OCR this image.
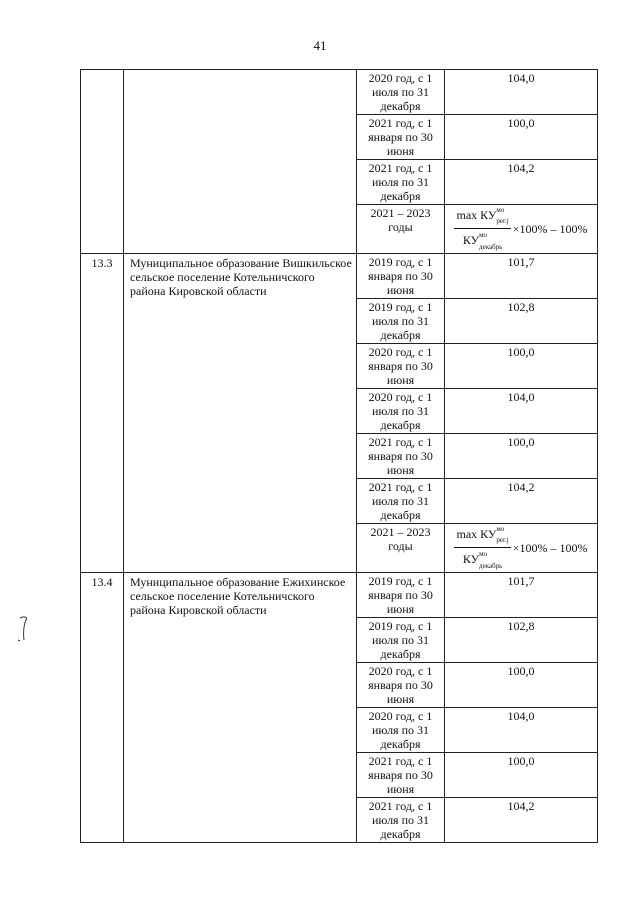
41

		2020 год, с 1 июля по 31 декабря	104,0

		2021 год, с 1 января по 30 июня	100,0

		2021 год, с 1 июля по 31 декабря	104,2

		2021 – 2023 годы	$\frac{\max КУ^{мо}_{рег.j}}{КУ^{мо}_{декабрь}} \times 100\% - 100\%$

13.3	Муниципальное образование Вишкильское сельское поселение Котельничского района Кировской области	2019 год, с 1 января по 30 июня	101,7

		2019 год, с 1 июля по 31 декабря	102,8

		2020 год, с 1 января по 30 июня	100,0

		2020 год, с 1 июля по 31 декабря	104,0

		2021 год, с 1 января по 30 июня	100,0

		2021 год, с 1 июля по 31 декабря	104,2

		2021 – 2023 годы	$\frac{\max КУ^{мо}_{рег.j}}{КУ^{мо}_{декабрь}} \times 100\% - 100\%$

13.4	Муниципальное образование Ежихинское сельское поселение Котельничского района Кировской области	2019 год, с 1 января по 30 июня	101,7

		2019 год, с 1 июля по 31 декабря	102,8

		2020 год, с 1 января по 30 июня	100,0

		2020 год, с 1 июля по 31 декабря	104,0

		2021 год, с 1 января по 30 июня	100,0

		2021 год, с 1 июля по 31 декабря	104,2
